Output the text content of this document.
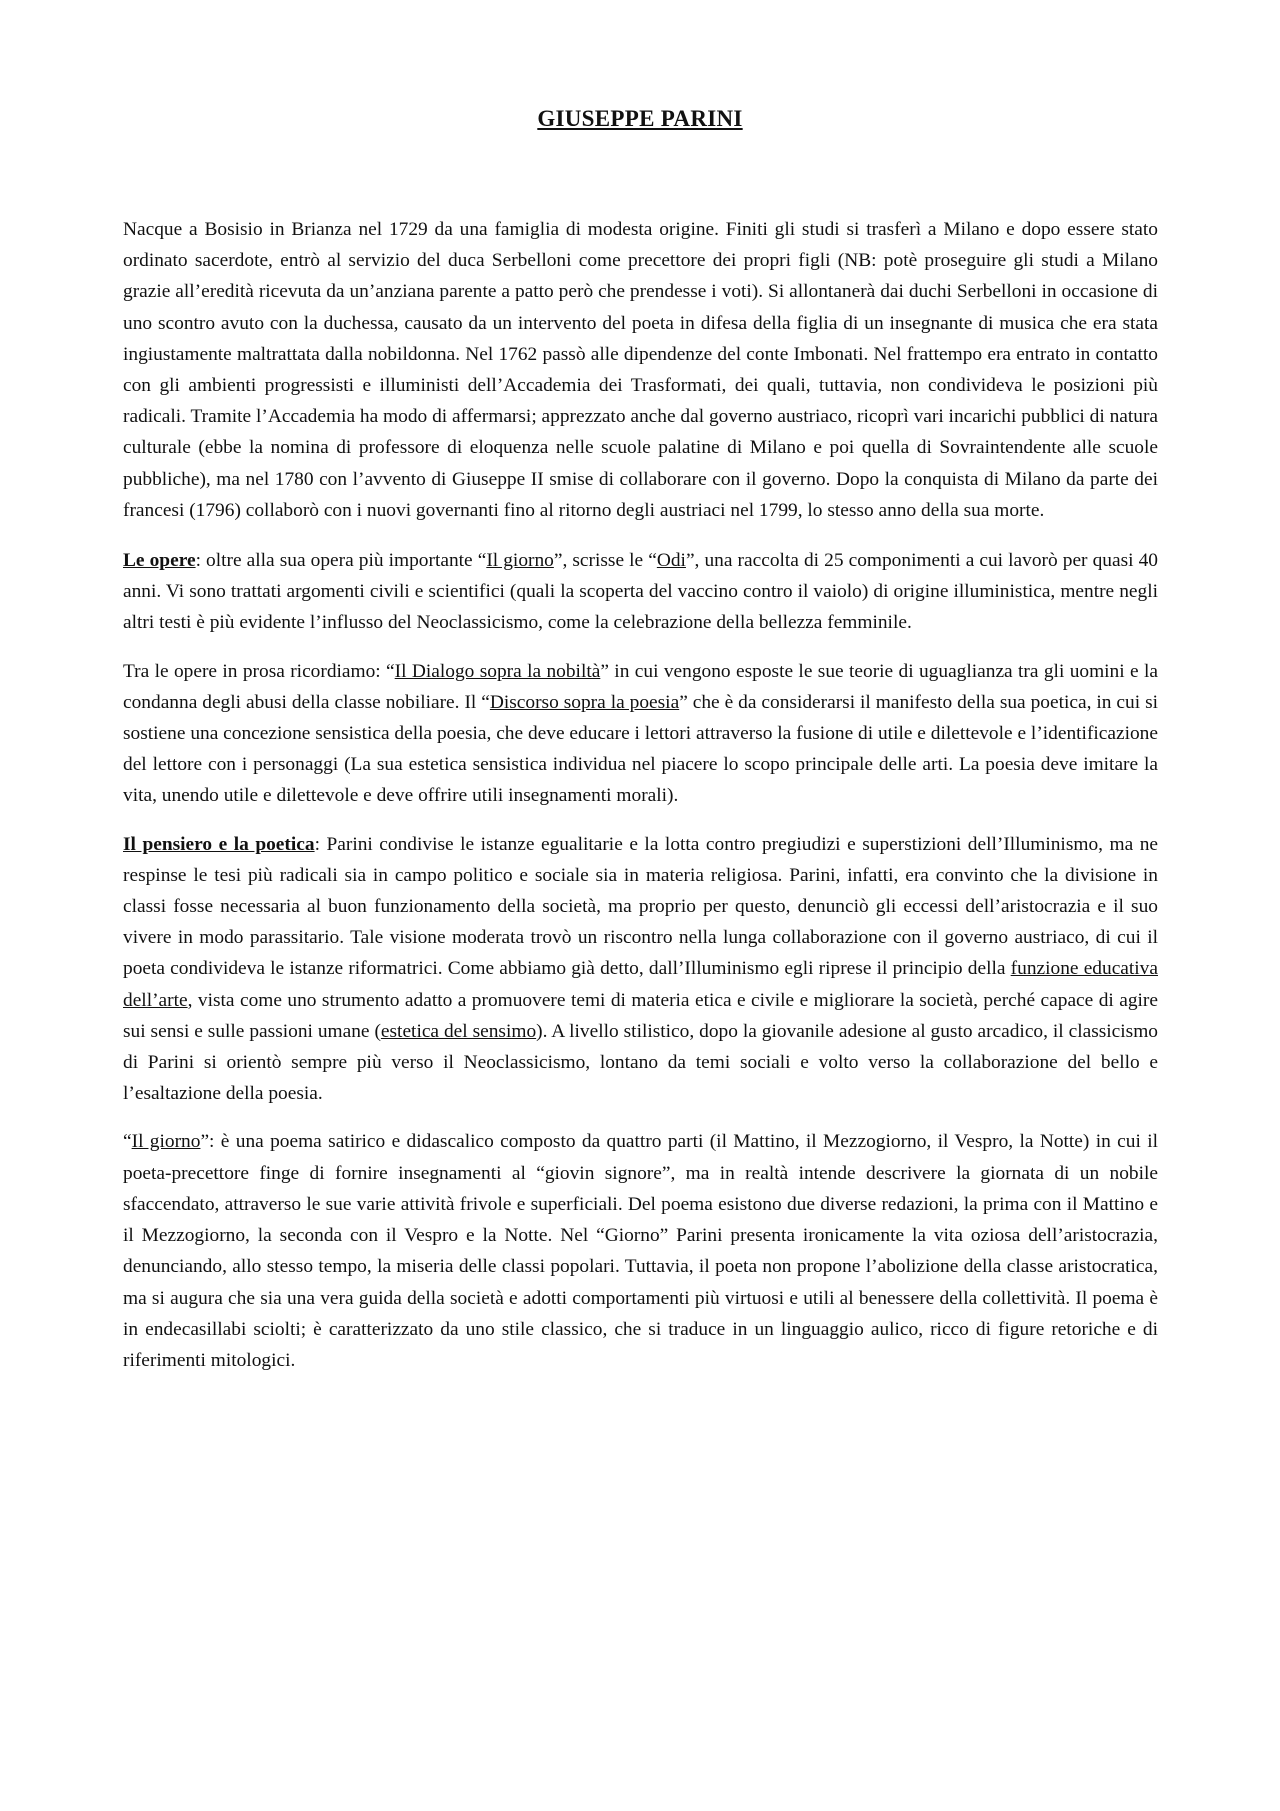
GIUSEPPE PARINI

Nacque a Bosisio in Brianza nel 1729 da una famiglia di modesta origine. Finiti gli studi si trasferì a Milano e dopo essere stato ordinato sacerdote, entrò al servizio del duca Serbelloni come precettore dei propri figli (NB: potè proseguire gli studi a Milano grazie all’eredità ricevuta da un’anziana parente a patto però che prendesse i voti). Si allontanerà dai duchi Serbelloni in occasione di uno scontro avuto con la duchessa, causato da un intervento del poeta in difesa della figlia di un insegnante di musica che era stata ingiustamente maltrattata dalla nobildonna. Nel 1762 passò alle dipendenze del conte Imbonati. Nel frattempo era entrato in contatto con gli ambienti progressisti e illuministi dell’Accademia dei Trasformati, dei quali, tuttavia, non condivideva le posizioni più radicali. Tramite l’Accademia ha modo di affermarsi; apprezzato anche dal governo austriaco, ricoprì vari incarichi pubblici di natura culturale (ebbe la nomina di professore di eloquenza nelle scuole palatine di Milano e poi quella di Sovraintendente alle scuole pubbliche), ma nel 1780 con l’avvento di Giuseppe II smise di collaborare con il governo. Dopo la conquista di Milano da parte dei francesi (1796) collaborò con i nuovi governanti fino al ritorno degli austriaci nel 1799, lo stesso anno della sua morte.

Le opere: oltre alla sua opera più importante “Il giorno”, scrisse le “Odi”, una raccolta di 25 componimenti a cui lavorò per quasi 40 anni. Vi sono trattati argomenti civili e scientifici (quali la scoperta del vaccino contro il vaiolo) di origine illuministica, mentre negli altri testi è più evidente l’influsso del Neoclassicismo, come la celebrazione della bellezza femminile.

Tra le opere in prosa ricordiamo: “Il Dialogo sopra la nobiltà” in cui vengono esposte le sue teorie di uguaglianza tra gli uomini e la condanna degli abusi della classe nobiliare. Il “Discorso sopra la poesia” che è da considerarsi il manifesto della sua poetica, in cui si sostiene una concezione sensistica della poesia, che deve educare i lettori attraverso la fusione di utile e dilettevole e l’identificazione del lettore con i personaggi (La sua estetica sensistica individua nel piacere lo scopo principale delle arti. La poesia deve imitare la vita, unendo utile e dilettevole e deve offrire utili insegnamenti morali).

Il pensiero e la poetica: Parini condivise le istanze egualitarie e la lotta contro pregiudizi e superstizioni dell’Illuminismo, ma ne respinse le tesi più radicali sia in campo politico e sociale sia in materia religiosa. Parini, infatti, era convinto che la divisione in classi fosse necessaria al buon funzionamento della società, ma proprio per questo, denunciò gli eccessi dell’aristocrazia e il suo vivere in modo parassitario. Tale visione moderata trovò un riscontro nella lunga collaborazione con il governo austriaco, di cui il poeta condivideva le istanze riformatrici. Come abbiamo già detto, dall’Illuminismo egli riprese il principio della funzione educativa dell’arte, vista come uno strumento adatto a promuovere temi di materia etica e civile e migliorare la società, perché capace di agire sui sensi e sulle passioni umane (estetica del sensimo). A livello stilistico, dopo la giovanile adesione al gusto arcadico, il classicismo di Parini si orientò sempre più verso il Neoclassicismo, lontano da temi sociali e volto verso la collaborazione del bello e l’esaltazione della poesia.

“Il giorno”: è una poema satirico e didascalico composto da quattro parti (il Mattino, il Mezzogiorno, il Vespro, la Notte) in cui il poeta-precettore finge di fornire insegnamenti al “giovin signore”, ma in realtà intende descrivere la giornata di un nobile sfaccendato, attraverso le sue varie attività frivole e superficiali. Del poema esistono due diverse redazioni, la prima con il Mattino e il Mezzogiorno, la seconda con il Vespro e la Notte. Nel “Giorno” Parini presenta ironicamente la vita oziosa dell’aristocrazia, denunciando, allo stesso tempo, la miseria delle classi popolari. Tuttavia, il poeta non propone l’abolizione della classe aristocratica, ma si augura che sia una vera guida della società e adotti comportamenti più virtuosi e utili al benessere della collettività. Il poema è in endecasillabi sciolti; è caratterizzato da uno stile classico, che si traduce in un linguaggio aulico, ricco di figure retoriche e di riferimenti mitologici.
